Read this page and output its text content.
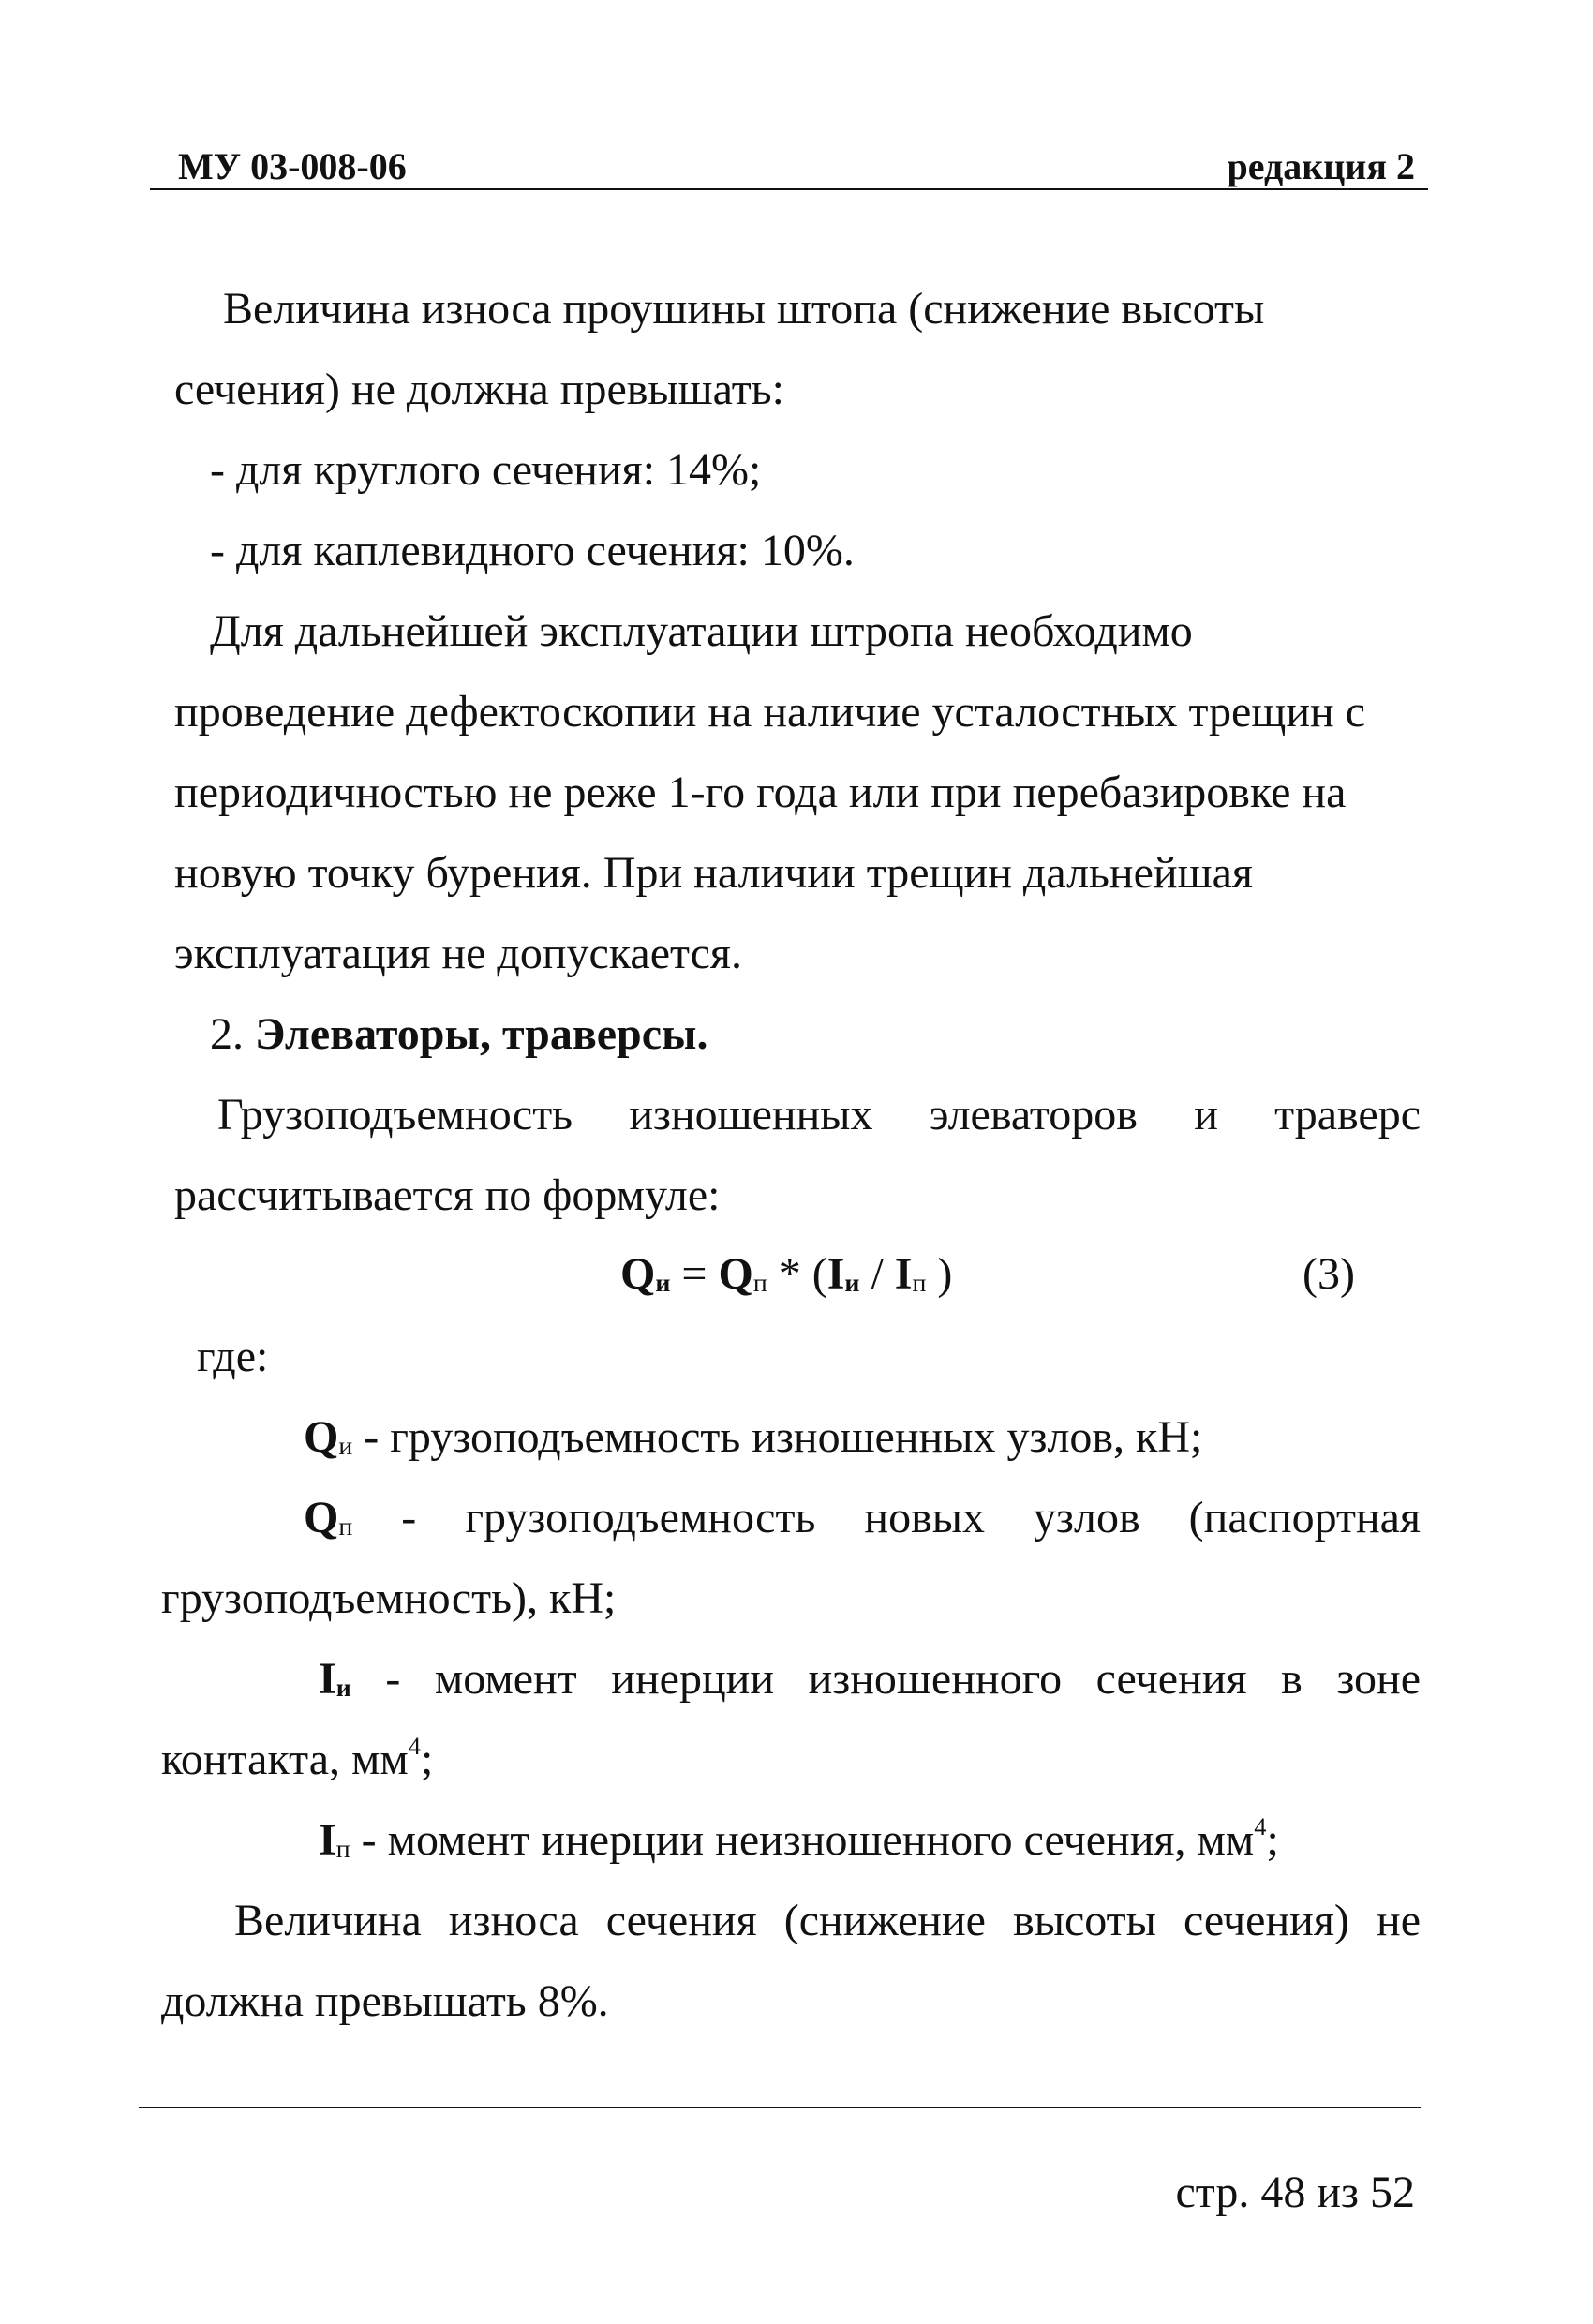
МУ 03-008-06	редакция 2
Величина износа проушины штопа (снижение высоты
сечения) не должна превышать:
- для круглого сечения: 14%;
- для каплевидного сечения: 10%.
Для дальнейшей эксплуатации штропа необходимо
проведение дефектоскопии на наличие усталостных трещин с
периодичностью не реже 1-го года или при перебазировке на
новую точку бурения. При наличии трещин дальнейшая
эксплуатация не допускается.
2. Элеваторы, траверсы.
Грузоподъемность изношенных элеваторов и траверс
рассчитывается по формуле:
$Q_и = Q_п * (I_и / I_п$ )	(3)
где:
$Q_и$ - грузоподъемность изношенных узлов, кН;
$Q_п$ - грузоподъемность новых узлов (паспортная
грузоподъемность), кН;
$I_и$ - момент инерции изношенного сечения в зоне
контакта, $мм^4$;
$I_п$ - момент инерции неизношенного сечения, $мм^4$;
Величина износа сечения (снижение высоты сечения) не
должна превышать 8%.
стр. 48 из 52
